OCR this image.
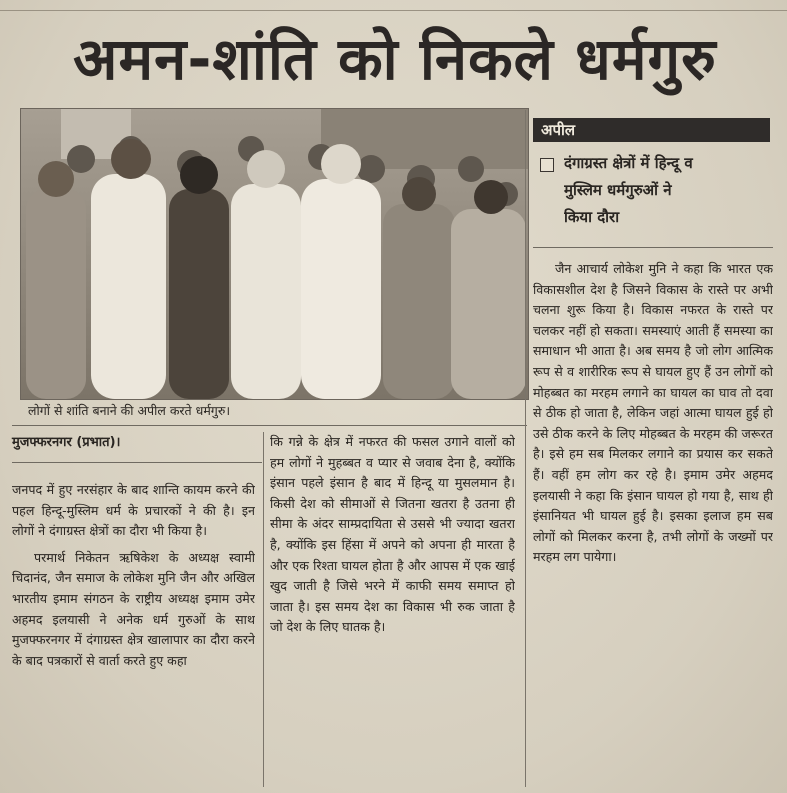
अमन-शांति को निकले धर्मगुरु
लोगों से शांति बनाने की अपील करते धर्मगुरु।
मुजफ्फरनगर (प्रभात)।

जनपद में हुए नरसंहार के बाद शान्ति कायम करने की पहल हिन्दू-मुस्लिम धर्म के प्रचारकों ने की है। इन लोगों ने दंगाग्रस्त क्षेत्रों का दौरा भी किया है।

परमार्थ निकेतन ऋषिकेश के अध्यक्ष स्वामी चिदानंद, जैन समाज के लोकेश मुनि जैन और अखिल भारतीय इमाम संगठन के राष्ट्रीय अध्यक्ष इमाम उमेर अहमद इलयासी ने अनेक धर्म गुरुओं के साथ मुजफ्फरनगर में दंगाग्रस्त क्षेत्र खालापार का दौरा करने के बाद पत्रकारों से वार्ता करते हुए कहा

कि गन्ने के क्षेत्र में नफरत की फसल उगाने वालों को हम लोगों ने मुहब्बत व प्यार से जवाब देना है, क्योंकि इंसान पहले इंसान है बाद में हिन्दू या मुसलमान है। किसी देश को सीमाओं से जितना खतरा है उतना ही सीमा के अंदर साम्प्रदायिता से उससे भी ज्यादा खतरा है, क्योंकि इस हिंसा में अपने को अपना ही मारता है और एक रिश्ता घायल होता है और आपस में एक खाई खुद जाती है जिसे भरने में काफी समय समाप्त हो जाता है। इस समय देश का विकास भी रुक जाता है जो देश के लिए घातक है।

अपील
दंगाग्रस्त क्षेत्रों में हिन्दू व
मुस्लिम धर्मगुरुओं ने
किया दौरा

जैन आचार्य लोकेश मुनि ने कहा कि भारत एक विकासशील देश है जिसने विकास के रास्ते पर अभी चलना शुरू किया है। विकास नफरत के रास्ते पर चलकर नहीं हो सकता। समस्याएं आती हैं समस्या का समाधान भी आता है। अब समय है जो लोग आत्मिक रूप से व शारीरिक रूप से घायल हुए हैं उन लोगों को मोहब्बत का मरहम लगाने का घायल का घाव तो दवा से ठीक हो जाता है, लेकिन जहां आत्मा घायल हुई हो उसे ठीक करने के लिए मोहब्बत के मरहम की जरूरत है। इसे हम सब मिलकर लगाने का प्रयास कर सकते हैं। वहीं हम लोग कर रहे है। इमाम उमेर अहमद इलयासी ने कहा कि इंसान घायल हो गया है, साथ ही इंसानियत भी घायल हुई है। इसका इलाज हम सब लोगों को मिलकर करना है, तभी लोगों के जख्मों पर मरहम लग पायेगा।
